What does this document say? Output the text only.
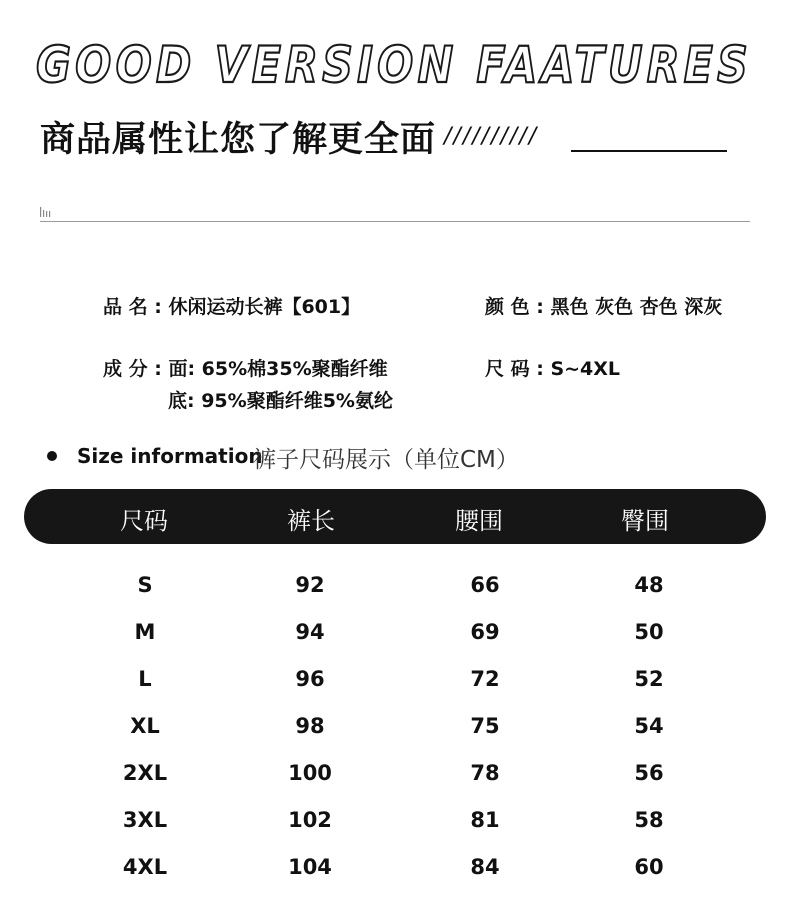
GOOD VERSION FAATURES
商品属性让您了解更全面 //////////
品 名 : 休闲运动长裤【601】	颜 色 : 黑色 灰色 杏色 深灰
成 分 : 面: 65%棉35%聚酯纤维
底: 95%聚酯纤维5%氨纶
尺 码 : S~4XL
Size information
裤子尺码展示（单位CM）
尺码	裤长	腰围	臀围
S	92	66	48
M	94	69	50
L	96	72	52
XL	98	75	54
2XL	100	78	56
3XL	102	81	58
4XL	104	84	60
